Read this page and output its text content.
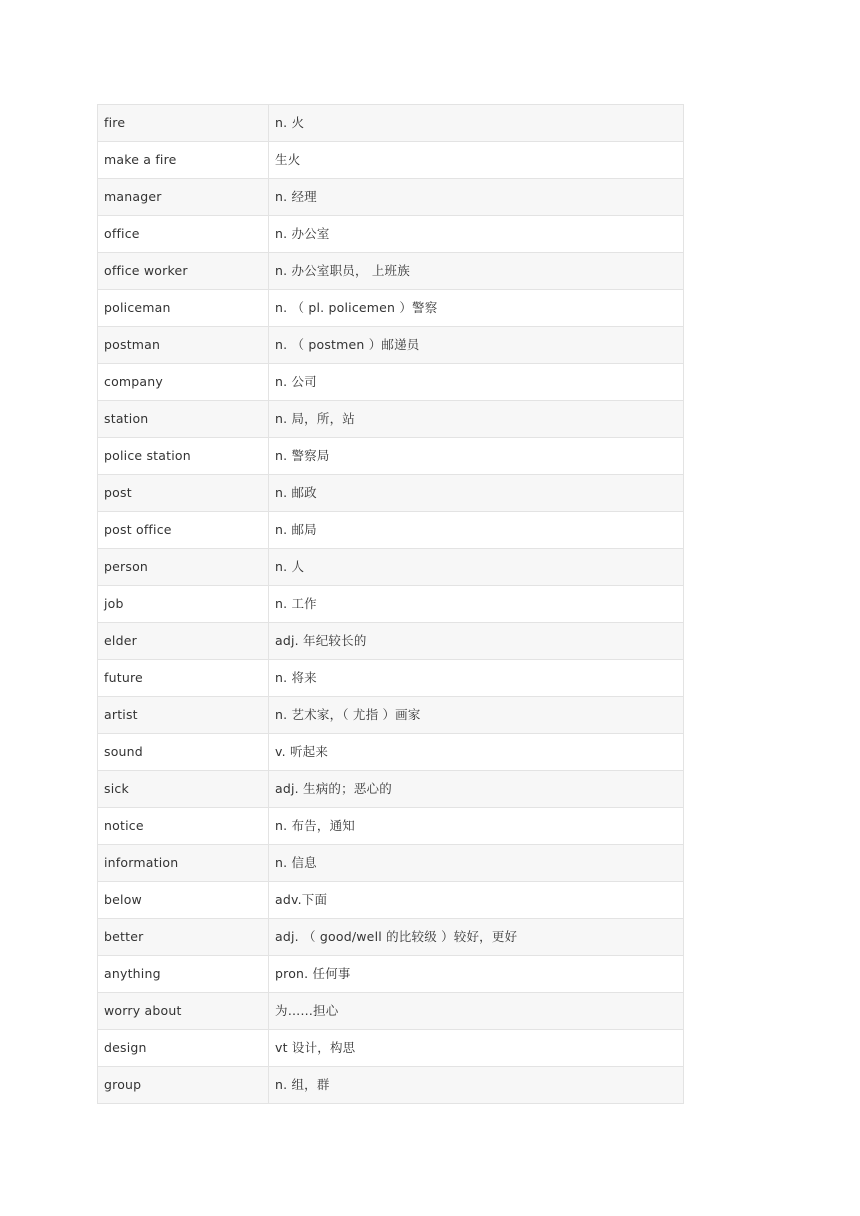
fire	n. 火
make a fire	生火
manager	n. 经理
office	n. 办公室
office worker	n. 办公室职员， 上班族
policeman	n. （ pl. policemen ）警察
postman	n. （ postmen ）邮递员
company	n. 公司
station	n. 局，所，站
police station	n. 警察局
post	n. 邮政
post office	n. 邮局
person	n. 人
job	n. 工作
elder	adj. 年纪较长的
future	n. 将来
artist	n. 艺术家，（ 尤指 ）画家
sound	v. 听起来
sick	adj. 生病的；恶心的
notice	n. 布告，通知
information	n. 信息
below	adv.下面
better	adj. （ good/well 的比较级 ）较好，更好
anything	pron. 任何事
worry about	为……担心
design	vt 设计，构思
group	n. 组，群
